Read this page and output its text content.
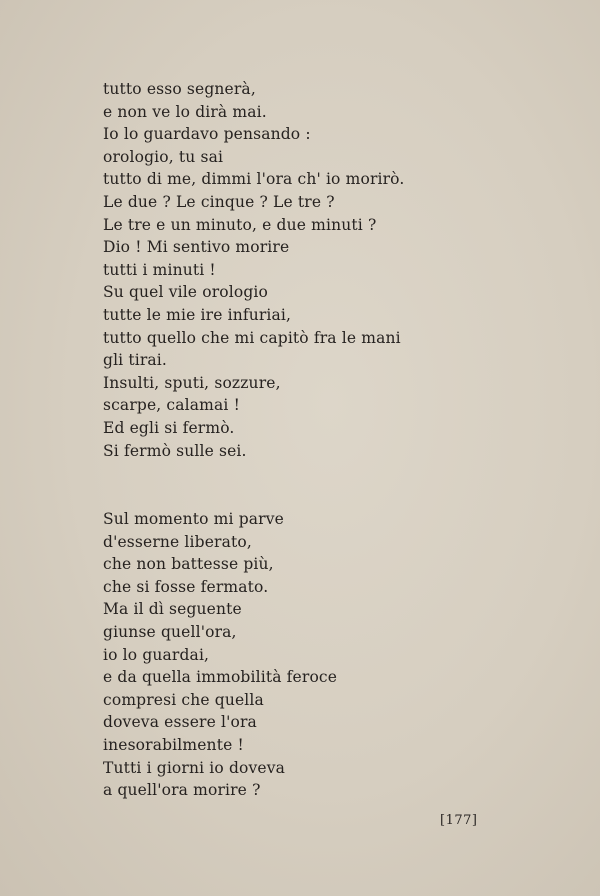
tutto esso segnerà,
e non ve lo dirà mai.
Io lo guardavo pensando :
orologio, tu sai
tutto di me, dimmi l'ora ch' io morirò.
Le due ? Le cinque ? Le tre ?
Le tre e un minuto, e due minuti ?
Dio ! Mi sentivo morire
tutti i minuti !
Su quel vile orologio
tutte le mie ire infuriai,
tutto quello che mi capitò fra le mani
gli tirai.
Insulti, sputi, sozzure,
scarpe, calamai !
Ed egli si fermò.
Si fermò sulle sei.
Sul momento mi parve
d'esserne liberato,
che non battesse più,
che si fosse fermato.
Ma il dì seguente
giunse quell'ora,
io lo guardai,
e da quella immobilità feroce
compresi che quella
doveva essere l'ora
inesorabilmente !
Tutti i giorni io doveva
a quell'ora morire ?
[177]
